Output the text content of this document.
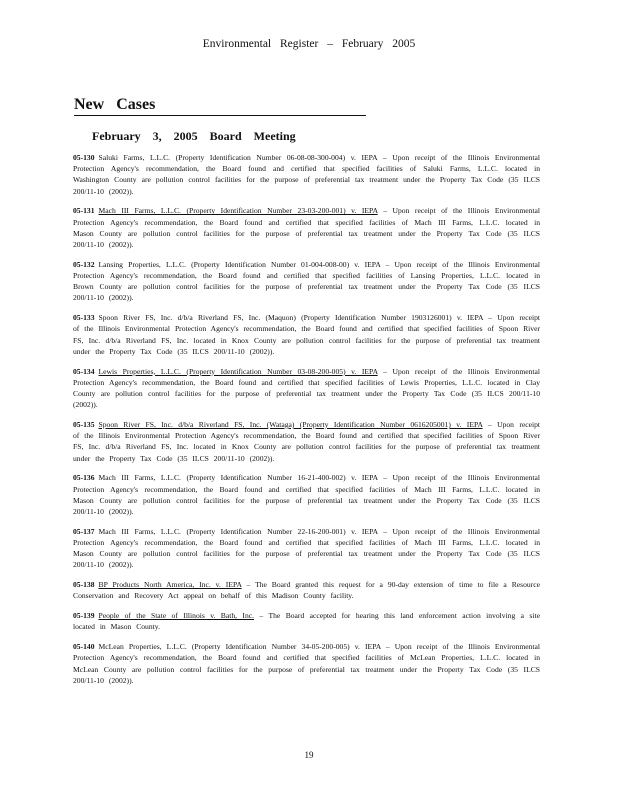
Environmental Register – February 2005
New Cases
February 3, 2005 Board Meeting

05-130 Saluki Farms, L.L.C. (Property Identification Number 06-08-08-300-004) v. IEPA – Upon receipt of the Illinois Environmental Protection Agency's recommendation, the Board found and certified that specified facilities of Saluki Farms, L.L.C. located in Washington County are pollution control facilities for the purpose of preferential tax treatment under the Property Tax Code (35 ILCS 200/11-10 (2002)).

05-131 Mach III Farms, L.L.C. (Property Identification Number 23-03-200-001) v. IEPA – Upon receipt of the Illinois Environmental Protection Agency's recommendation, the Board found and certified that specified facilities of Mach III Farms, L.L.C. located in Mason County are pollution control facilities for the purpose of preferential tax treatment under the Property Tax Code (35 ILCS 200/11-10 (2002)).

05-132 Lansing Properties, L.L.C. (Property Identification Number 01-004-008-00) v. IEPA – Upon receipt of the Illinois Environmental Protection Agency's recommendation, the Board found and certified that specified facilities of Lansing Properties, L.L.C. located in Brown County are pollution control facilities for the purpose of preferential tax treatment under the Property Tax Code (35 ILCS 200/11-10 (2002)).

05-133 Spoon River FS, Inc. d/b/a Riverland FS, Inc. (Maquon) (Property Identification Number 1903126001) v. IEPA – Upon receipt of the Illinois Environmental Protection Agency's recommendation, the Board found and certified that specified facilities of Spoon River FS, Inc. d/b/a Riverland FS, Inc. located in Knox County are pollution control facilities for the purpose of preferential tax treatment under the Property Tax Code (35 ILCS 200/11-10 (2002)).

05-134 Lewis Properties, L.L.C. (Property Identification Number 03-08-200-005) v. IEPA – Upon receipt of the Illinois Environmental Protection Agency's recommendation, the Board found and certified that specified facilities of Lewis Properties, L.L.C. located in Clay County are pollution control facilities for the purpose of preferential tax treatment under the Property Tax Code (35 ILCS 200/11-10 (2002)).

05-135 Spoon River FS, Inc. d/b/a Riverland FS, Inc. (Wataga) (Property Identification Number 0616205001) v. IEPA – Upon receipt of the Illinois Environmental Protection Agency's recommendation, the Board found and certified that specified facilities of Spoon River FS, Inc. d/b/a Riverland FS, Inc. located in Knox County are pollution control facilities for the purpose of preferential tax treatment under the Property Tax Code (35 ILCS 200/11-10 (2002)).

05-136 Mach III Farms, L.L.C. (Property Identification Number 16-21-400-002) v. IEPA – Upon receipt of the Illinois Environmental Protection Agency's recommendation, the Board found and certified that specified facilities of Mach III Farms, L.L.C. located in Mason County are pollution control facilities for the purpose of preferential tax treatment under the Property Tax Code (35 ILCS 200/11-10 (2002)).

05-137 Mach III Farms, L.L.C. (Property Identification Number 22-16-200-001) v. IEPA – Upon receipt of the Illinois Environmental Protection Agency's recommendation, the Board found and certified that specified facilities of Mach III Farms, L.L.C. located in Mason County are pollution control facilities for the purpose of preferential tax treatment under the Property Tax Code (35 ILCS 200/11-10 (2002)).

05-138 BP Products North America, Inc. v. IEPA – The Board granted this request for a 90-day extension of time to file a Resource Conservation and Recovery Act appeal on behalf of this Madison County facility.

05-139 People of the State of Illinois v. Bath, Inc. – The Board accepted for hearing this land enforcement action involving a site located in Mason County.

05-140 McLean Properties, L.L.C. (Property Identification Number 34-05-200-005) v. IEPA – Upon receipt of the Illinois Environmental Protection Agency's recommendation, the Board found and certified that specified facilities of McLean Properties, L.L.C. located in McLean County are pollution control facilities for the purpose of preferential tax treatment under the Property Tax Code (35 ILCS 200/11-10 (2002)).

19
